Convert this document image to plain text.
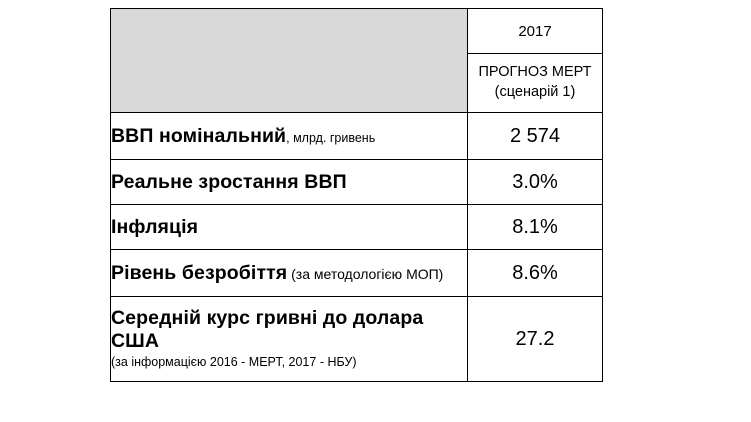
	2017
	ПРОГНОЗ МЕРТ
(сценарій 1)
ВВП номінальний, млрд. гривень	2 574
Реальне зростання ВВП	3.0%
Інфляція	8.1%
Рівень безробіття (за методологією МОП)	8.6%

Середній курс гривні до долара США
(за інформацією 2016 - МЕРТ, 2017 - НБУ)	27.2
